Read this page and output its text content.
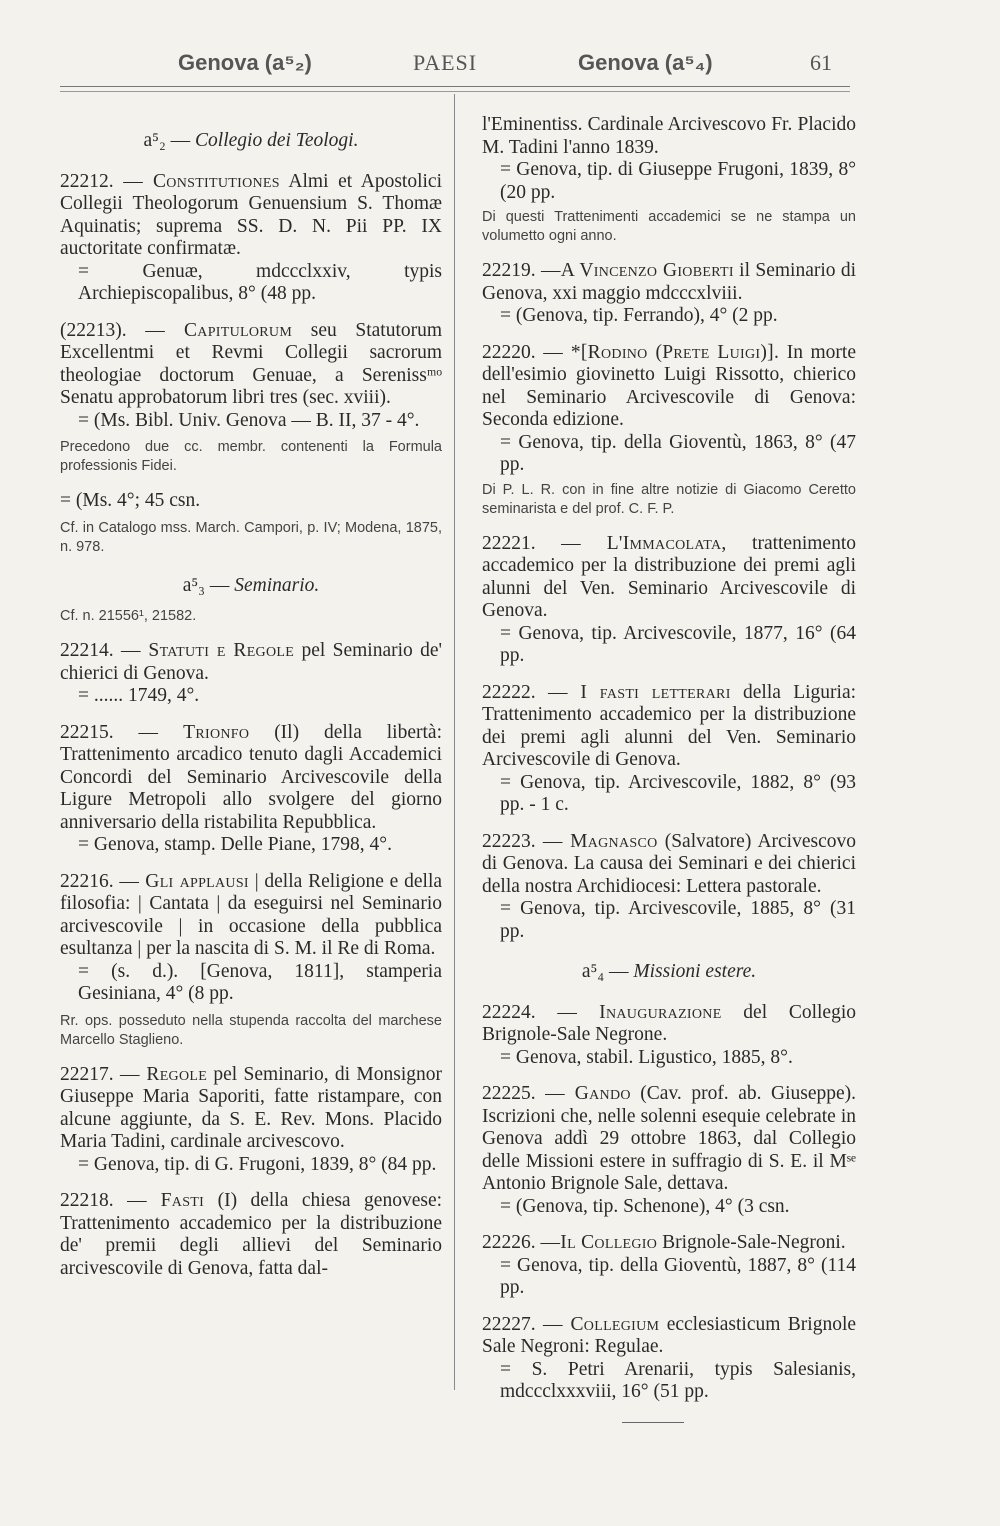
Genova (a⁵₂)	PAESI	Genova (a⁵₄)	61
a⁵₂ — Collegio dei Teologi.

22212. — Constitutiones Almi et Apostolici Collegii Theologorum Genuensium S. Thomæ Aquinatis; suprema SS. D. N. Pii PP. IX auctoritate confirmatæ.

= Genuæ, mdccclxxiv, typis Archiepiscopalibus, 8° (48 pp.

(22213). — Capitulorum seu Statutorum Excellentmi et Revmi Collegii sacrorum theologiae doctorum Genuae, a Serenissᵐᵒ Senatu approbatorum libri tres (sec. xviii).

= (Ms. Bibl. Univ. Genova — B. II, 37 - 4°.

Precedono due cc. membr. contenenti la Formula professionis Fidei.

= (Ms. 4°; 45 csn.

Cf. in Catalogo mss. March. Campori, p. IV; Modena, 1875, n. 978.
a⁵₃ — Seminario.
Cf. n. 21556¹, 21582.

22214. — Statuti e Regole pel Seminario de' chierici di Genova.

= ...... 1749, 4°.

22215. — Trionfo (Il) della libertà: Trattenimento arcadico tenuto dagli Accademici Concordi del Seminario Arcivescovile della Ligure Metropoli allo svolgere del giorno anniversario della ristabilita Repubblica.

= Genova, stamp. Delle Piane, 1798, 4°.

22216. — Gli applausi | della Religione e della filosofia: | Cantata | da eseguirsi nel Seminario arcivescovile | in occasione della pubblica esultanza | per la nascita di S. M. il Re di Roma.

= (s. d.). [Genova, 1811], stamperia Gesiniana, 4° (8 pp.

Rr. ops. posseduto nella stupenda raccolta del marchese Marcello Staglieno.

22217. — Regole pel Seminario, di Monsignor Giuseppe Maria Saporiti, fatte ristampare, con alcune aggiunte, da S. E. Rev. Mons. Placido Maria Tadini, cardinale arcivescovo.

= Genova, tip. di G. Frugoni, 1839, 8° (84 pp.

22218. — Fasti (I) della chiesa genovese: Trattenimento accademico per la distribuzione de' premii degli allievi del Seminario arcivescovile di Genova, fatta dal-

l'Eminentiss. Cardinale Arcivescovo Fr. Placido M. Tadini l'anno 1839.

= Genova, tip. di Giuseppe Frugoni, 1839, 8° (20 pp.

Di questi Trattenimenti accademici se ne stampa un volumetto ogni anno.

22219. —A Vincenzo Gioberti il Seminario di Genova, xxi maggio mdcccxlviii.

= (Genova, tip. Ferrando), 4° (2 pp.

22220. — *[Rodino (Prete Luigi)]. In morte dell'esimio giovinetto Luigi Rissotto, chierico nel Seminario Arcivescovile di Genova: Seconda edizione.

= Genova, tip. della Gioventù, 1863, 8° (47 pp.

Di P. L. R. con in fine altre notizie di Giacomo Ceretto seminarista e del prof. C. F. P.

22221. — L'Immacolata, trattenimento accademico per la distribuzione dei premi agli alunni del Ven. Seminario Arcivescovile di Genova.

= Genova, tip. Arcivescovile, 1877, 16° (64 pp.

22222. — I fasti letterari della Liguria: Trattenimento accademico per la distribuzione dei premi agli alunni del Ven. Seminario Arcivescovile di Genova.

= Genova, tip. Arcivescovile, 1882, 8° (93 pp. - 1 c.

22223. — Magnasco (Salvatore) Arcivescovo di Genova. La causa dei Seminari e dei chierici della nostra Archidiocesi: Lettera pastorale.

= Genova, tip. Arcivescovile, 1885, 8° (31 pp.

a⁵₄ — Missioni estere.

22224. — Inaugurazione del Collegio Brignole-Sale Negrone.

= Genova, stabil. Ligustico, 1885, 8°.

22225. — Gando (Cav. prof. ab. Giuseppe). Iscrizioni che, nelle solenni esequie celebrate in Genova addì 29 ottobre 1863, dal Collegio delle Missioni estere in suffragio di S. E. il Mˢᵉ Antonio Brignole Sale, dettava.

= (Genova, tip. Schenone), 4° (3 csn.

22226. —Il Collegio Brignole-Sale-Negroni.

= Genova, tip. della Gioventù, 1887, 8° (114 pp.

22227. — Collegium ecclesiasticum Brignole Sale Negroni: Regulae.

= S. Petri Arenarii, typis Salesianis, mdccclxxxviii, 16° (51 pp.
